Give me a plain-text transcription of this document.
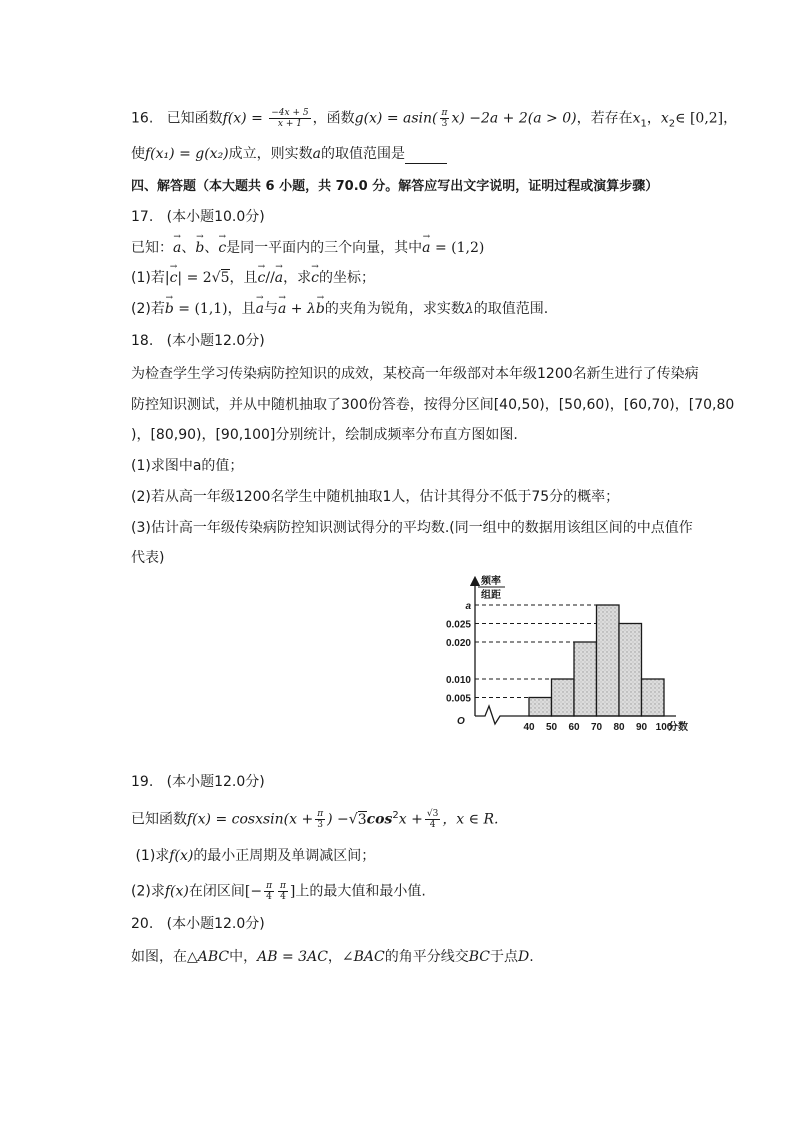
16. 已知函数$f(x) = \frac{-4x + 5}{x + 1}$ ，函数$g(x) = asin( \frac{\pi}{3} x) -2a + 2(a > 0)$，若存在$x_1$，$x_2\in$ [0,2]，
使f(x₁) = g(x₂)成立，则实数a的取值范围是
四、解答题（本大题共 6 小题，共 70.0 分。解答应写出文字说明，证明过程或演算步骤）
17. (本小题10.0分)
已知：→ a、→ b、→ c是同一平面内的三个向量，其中→ a = (1,2)
(1)若|→ c| = 2√5，且→ c//→ a，求→ c的坐标；
(2)若→ b = (1,1)，且→ a与→ a + λ→ b的夹角为锐角，求实数λ的取值范围.
18. (本小题12.0分)
为检查学生学习传染病防控知识的成效，某校高一年级部对本年级1200名新生进行了传染病
防控知识测试，并从中随机抽取了300份答卷，按得分区间[40,50)，[50,60)，[60,70)，[70,80
)，[80,90)，[90,100]分别统计，绘制成频率分布直方图如图.
(1)求图中a的值；
(2)若从高一年级1200名学生中随机抽取1人，估计其得分不低于75分的概率；
(3)估计高一年级传染病防控知识测试得分的平均数.(同一组中的数据用该组区间的中点值作
代表)
0.005
0.010
0.020
0.025
a
40 50 60 70 80 90 100
分数
O
频率
组距
19. (本小题12.0分)
已知函数f(x) = cosxsin(x + $\frac{\pi}{3}$ ) $-√3\cos^2x + \frac{√3}{4}$ ，x ∈ R.
(1)求f(x)的最小正周期及单调减区间；
(2)求f(x)在闭区间[− $\frac{\pi}{4} \frac{\pi}{4}$ ]上的最大值和最小值.
20. (本小题12.0分)
如图，在△ABC中，AB = 3AC，∠BAC的角平分线交BC于点D.
